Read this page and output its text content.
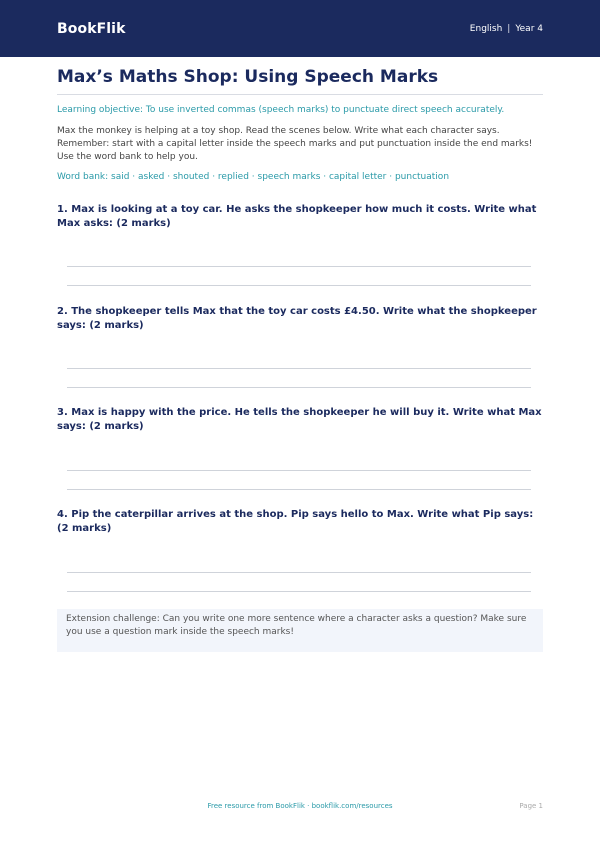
BookFlik	English | Year 4
Max’s Maths Shop: Using Speech Marks
Learning objective: To use inverted commas (speech marks) to punctuate direct speech accurately.
Max the monkey is helping at a toy shop. Read the scenes below. Write what each character says. Remember: start with a capital letter inside the speech marks and put punctuation inside the end marks! Use the word bank to help you.
Word bank: said · asked · shouted · replied · speech marks · capital letter · punctuation
1. Max is looking at a toy car. He asks the shopkeeper how much it costs. Write what Max asks: (2 marks)
2. The shopkeeper tells Max that the toy car costs £4.50. Write what the shopkeeper says: (2 marks)
3. Max is happy with the price. He tells the shopkeeper he will buy it. Write what Max says: (2 marks)
4. Pip the caterpillar arrives at the shop. Pip says hello to Max. Write what Pip says: (2 marks)
Extension challenge: Can you write one more sentence where a character asks a question? Make sure you use a question mark inside the speech marks!
Free resource from BookFlik · bookflik.com/resources	Page 1
